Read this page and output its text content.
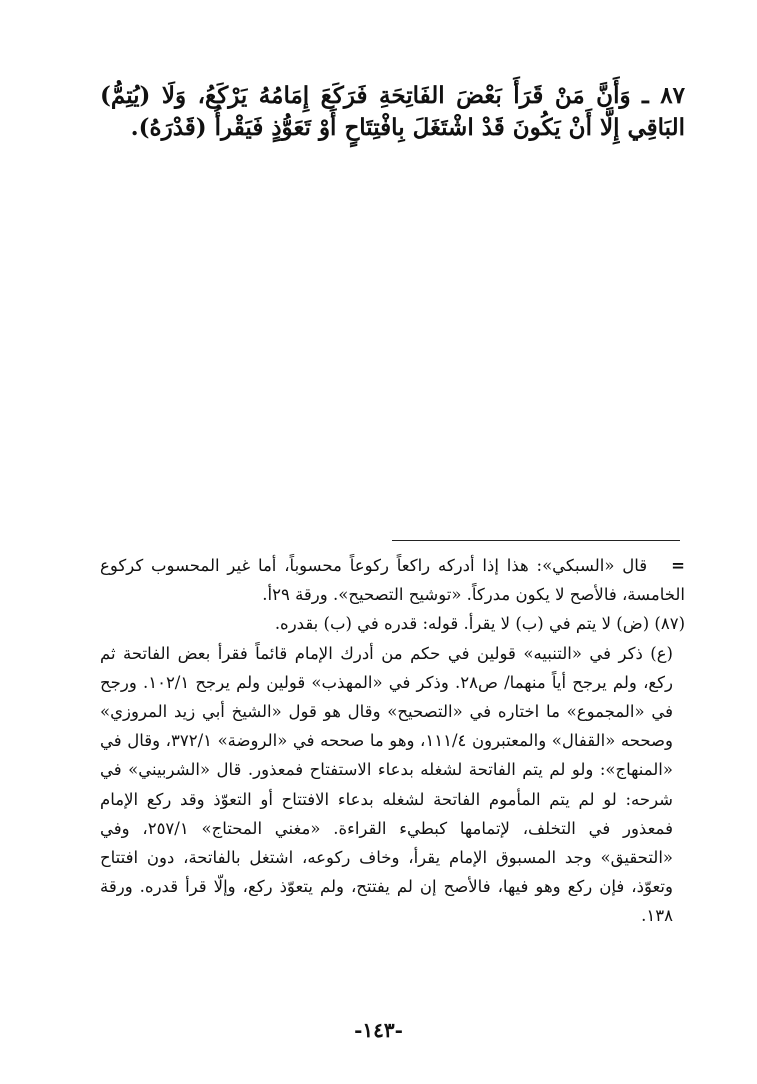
٨٧ ـ وَأَنَّ مَنْ قَرَأَ بَعْضَ الفَاتِحَةِ فَرَكَعَ إِمَامُهُ يَرْكَعُ، وَلَا (يُتِمُّ) البَاقِي إِلَّا أَنْ يَكُونَ قَدْ اشْتَغَلَ بِافْتِتَاحٍ أَوْ تَعَوُّذٍ فَيَقْرأُ (قَدْرَهُ).

=قال «السبكي»: هذا إذا أدركه راكعاً ركوعاً محسوباً، أما غير المحسوب كركوع الخامسة، فالأصح لا يكون مدركاً. «توشيح التصحيح». ورقة ٢٩أ.

(٨٧) (ض) لا يتم في (ب) لا يقرأ. قوله: قدره في (ب) بقدره.

(ع) ذكر في «التنبيه» قولين في حكم من أدرك الإمام قائماً فقرأ بعض الفاتحة ثم ركع، ولم يرجح أياً منهما/ ص٢٨. وذكر في «المهذب» قولين ولم يرجح ١٠٢/١. ورجح في «المجموع» ما اختاره في «التصحيح» وقال هو قول «الشيخ أبي زيد المروزي» وصححه «القفال» والمعتبرون ١١١/٤، وهو ما صححه في «الروضة» ٣٧٢/١، وقال في «المنهاج»: ولو لم يتم الفاتحة لشغله بدعاء الاستفتاح فمعذور. قال «الشربيني» في شرحه: لو لم يتم المأموم الفاتحة لشغله بدعاء الافتتاح أو التعوّذ وقد ركع الإمام فمعذور في التخلف، لإتمامها كبطيء القراءة. «مغني المحتاج» ٢٥٧/١، وفي «التحقيق» وجد المسبوق الإمام يقرأ، وخاف ركوعه، اشتغل بالفاتحة، دون افتتاح وتعوّذ، فإن ركع وهو فيها، فالأصح إن لم يفتتح، ولم يتعوّذ ركع، وإلّا قرأ قدره. ورقة ١٣٨.

-١٤٣-
